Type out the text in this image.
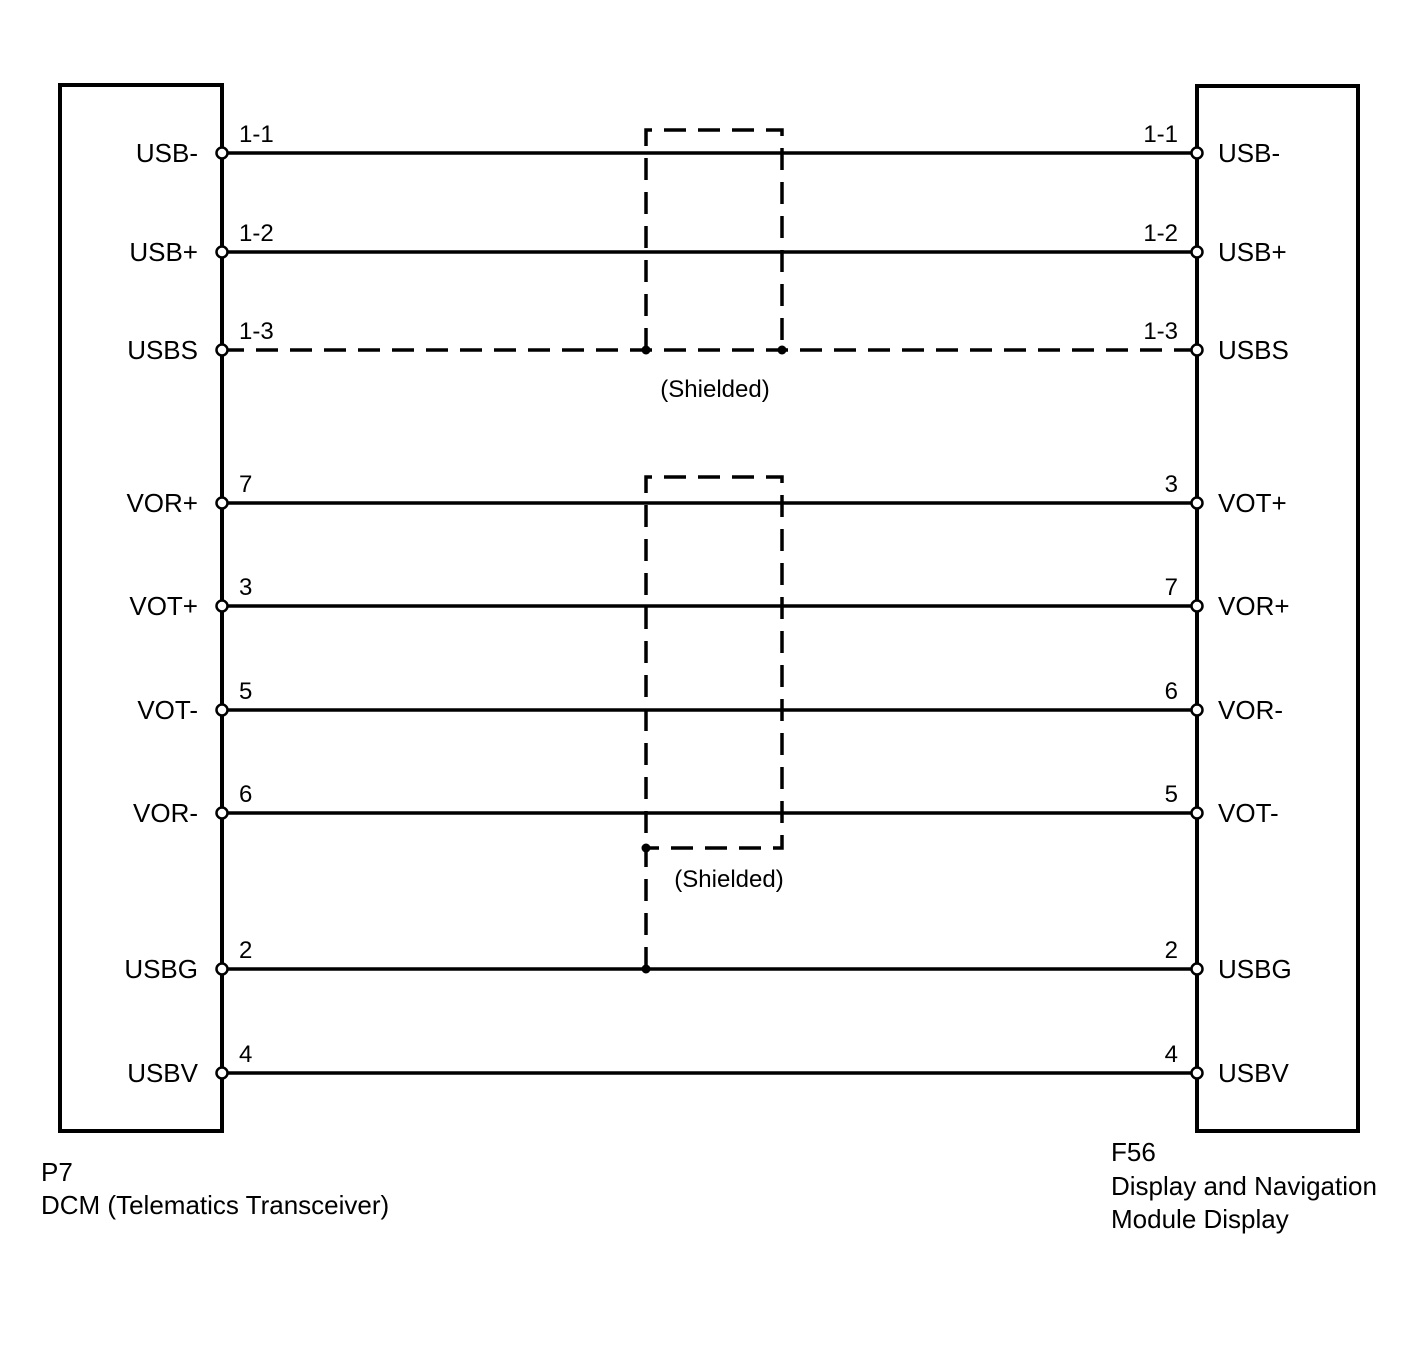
USB-
1-1	1-1
USB-
USB+
1-2	1-2
USB+
USBS
1-3	1-3
USBS
VOR+
7	3
VOT+
VOT+
3	7
VOR+
VOT-
5	6
VOR-
VOR-
6	5
VOT-
USBG
2	2
USBG
USBV
4	4
USBV
(Shielded)
(Shielded)
P7
DCM (Telematics Transceiver)
F56
Display and Navigation
Module Display
